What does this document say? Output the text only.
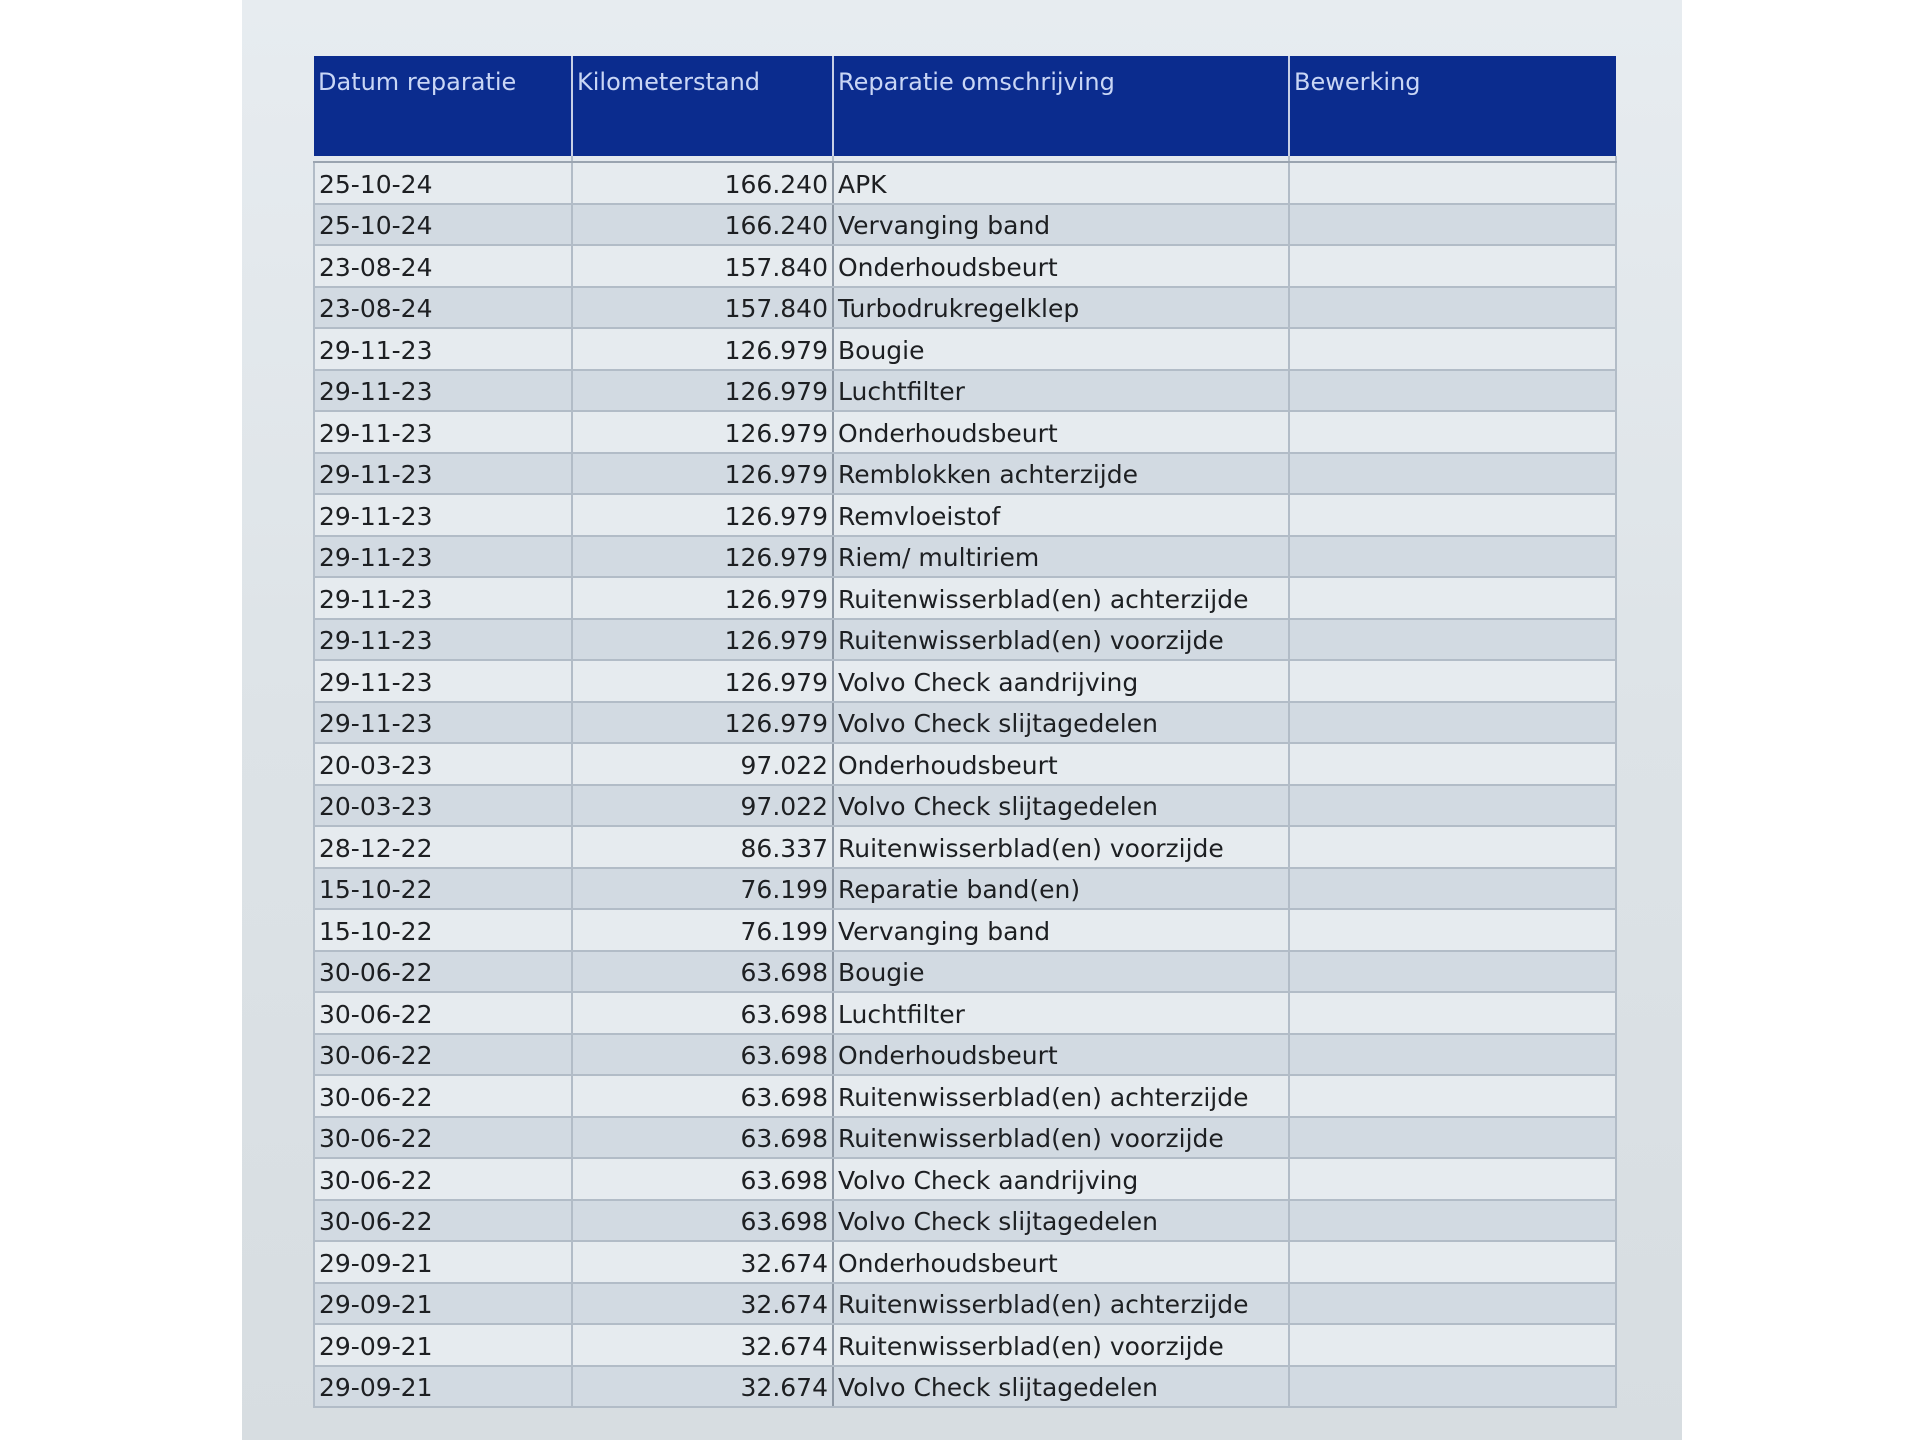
Datum reparatie	Kilometerstand	Reparatie omschrijving	Bewerking

25-10-24	166.240	APK	
25-10-24	166.240	Vervanging band	
23-08-24	157.840	Onderhoudsbeurt	
23-08-24	157.840	Turbodrukregelklep	
29-11-23	126.979	Bougie	
29-11-23	126.979	Luchtfilter	
29-11-23	126.979	Onderhoudsbeurt	
29-11-23	126.979	Remblokken achterzijde	
29-11-23	126.979	Remvloeistof	
29-11-23	126.979	Riem/ multiriem	
29-11-23	126.979	Ruitenwisserblad(en) achterzijde	
29-11-23	126.979	Ruitenwisserblad(en) voorzijde	
29-11-23	126.979	Volvo Check aandrijving	
29-11-23	126.979	Volvo Check slijtagedelen	
20-03-23	97.022	Onderhoudsbeurt	
20-03-23	97.022	Volvo Check slijtagedelen	
28-12-22	86.337	Ruitenwisserblad(en) voorzijde	
15-10-22	76.199	Reparatie band(en)	
15-10-22	76.199	Vervanging band	
30-06-22	63.698	Bougie	
30-06-22	63.698	Luchtfilter	
30-06-22	63.698	Onderhoudsbeurt	
30-06-22	63.698	Ruitenwisserblad(en) achterzijde	
30-06-22	63.698	Ruitenwisserblad(en) voorzijde	
30-06-22	63.698	Volvo Check aandrijving	
30-06-22	63.698	Volvo Check slijtagedelen	
29-09-21	32.674	Onderhoudsbeurt	
29-09-21	32.674	Ruitenwisserblad(en) achterzijde	
29-09-21	32.674	Ruitenwisserblad(en) voorzijde	
29-09-21	32.674	Volvo Check slijtagedelen	
